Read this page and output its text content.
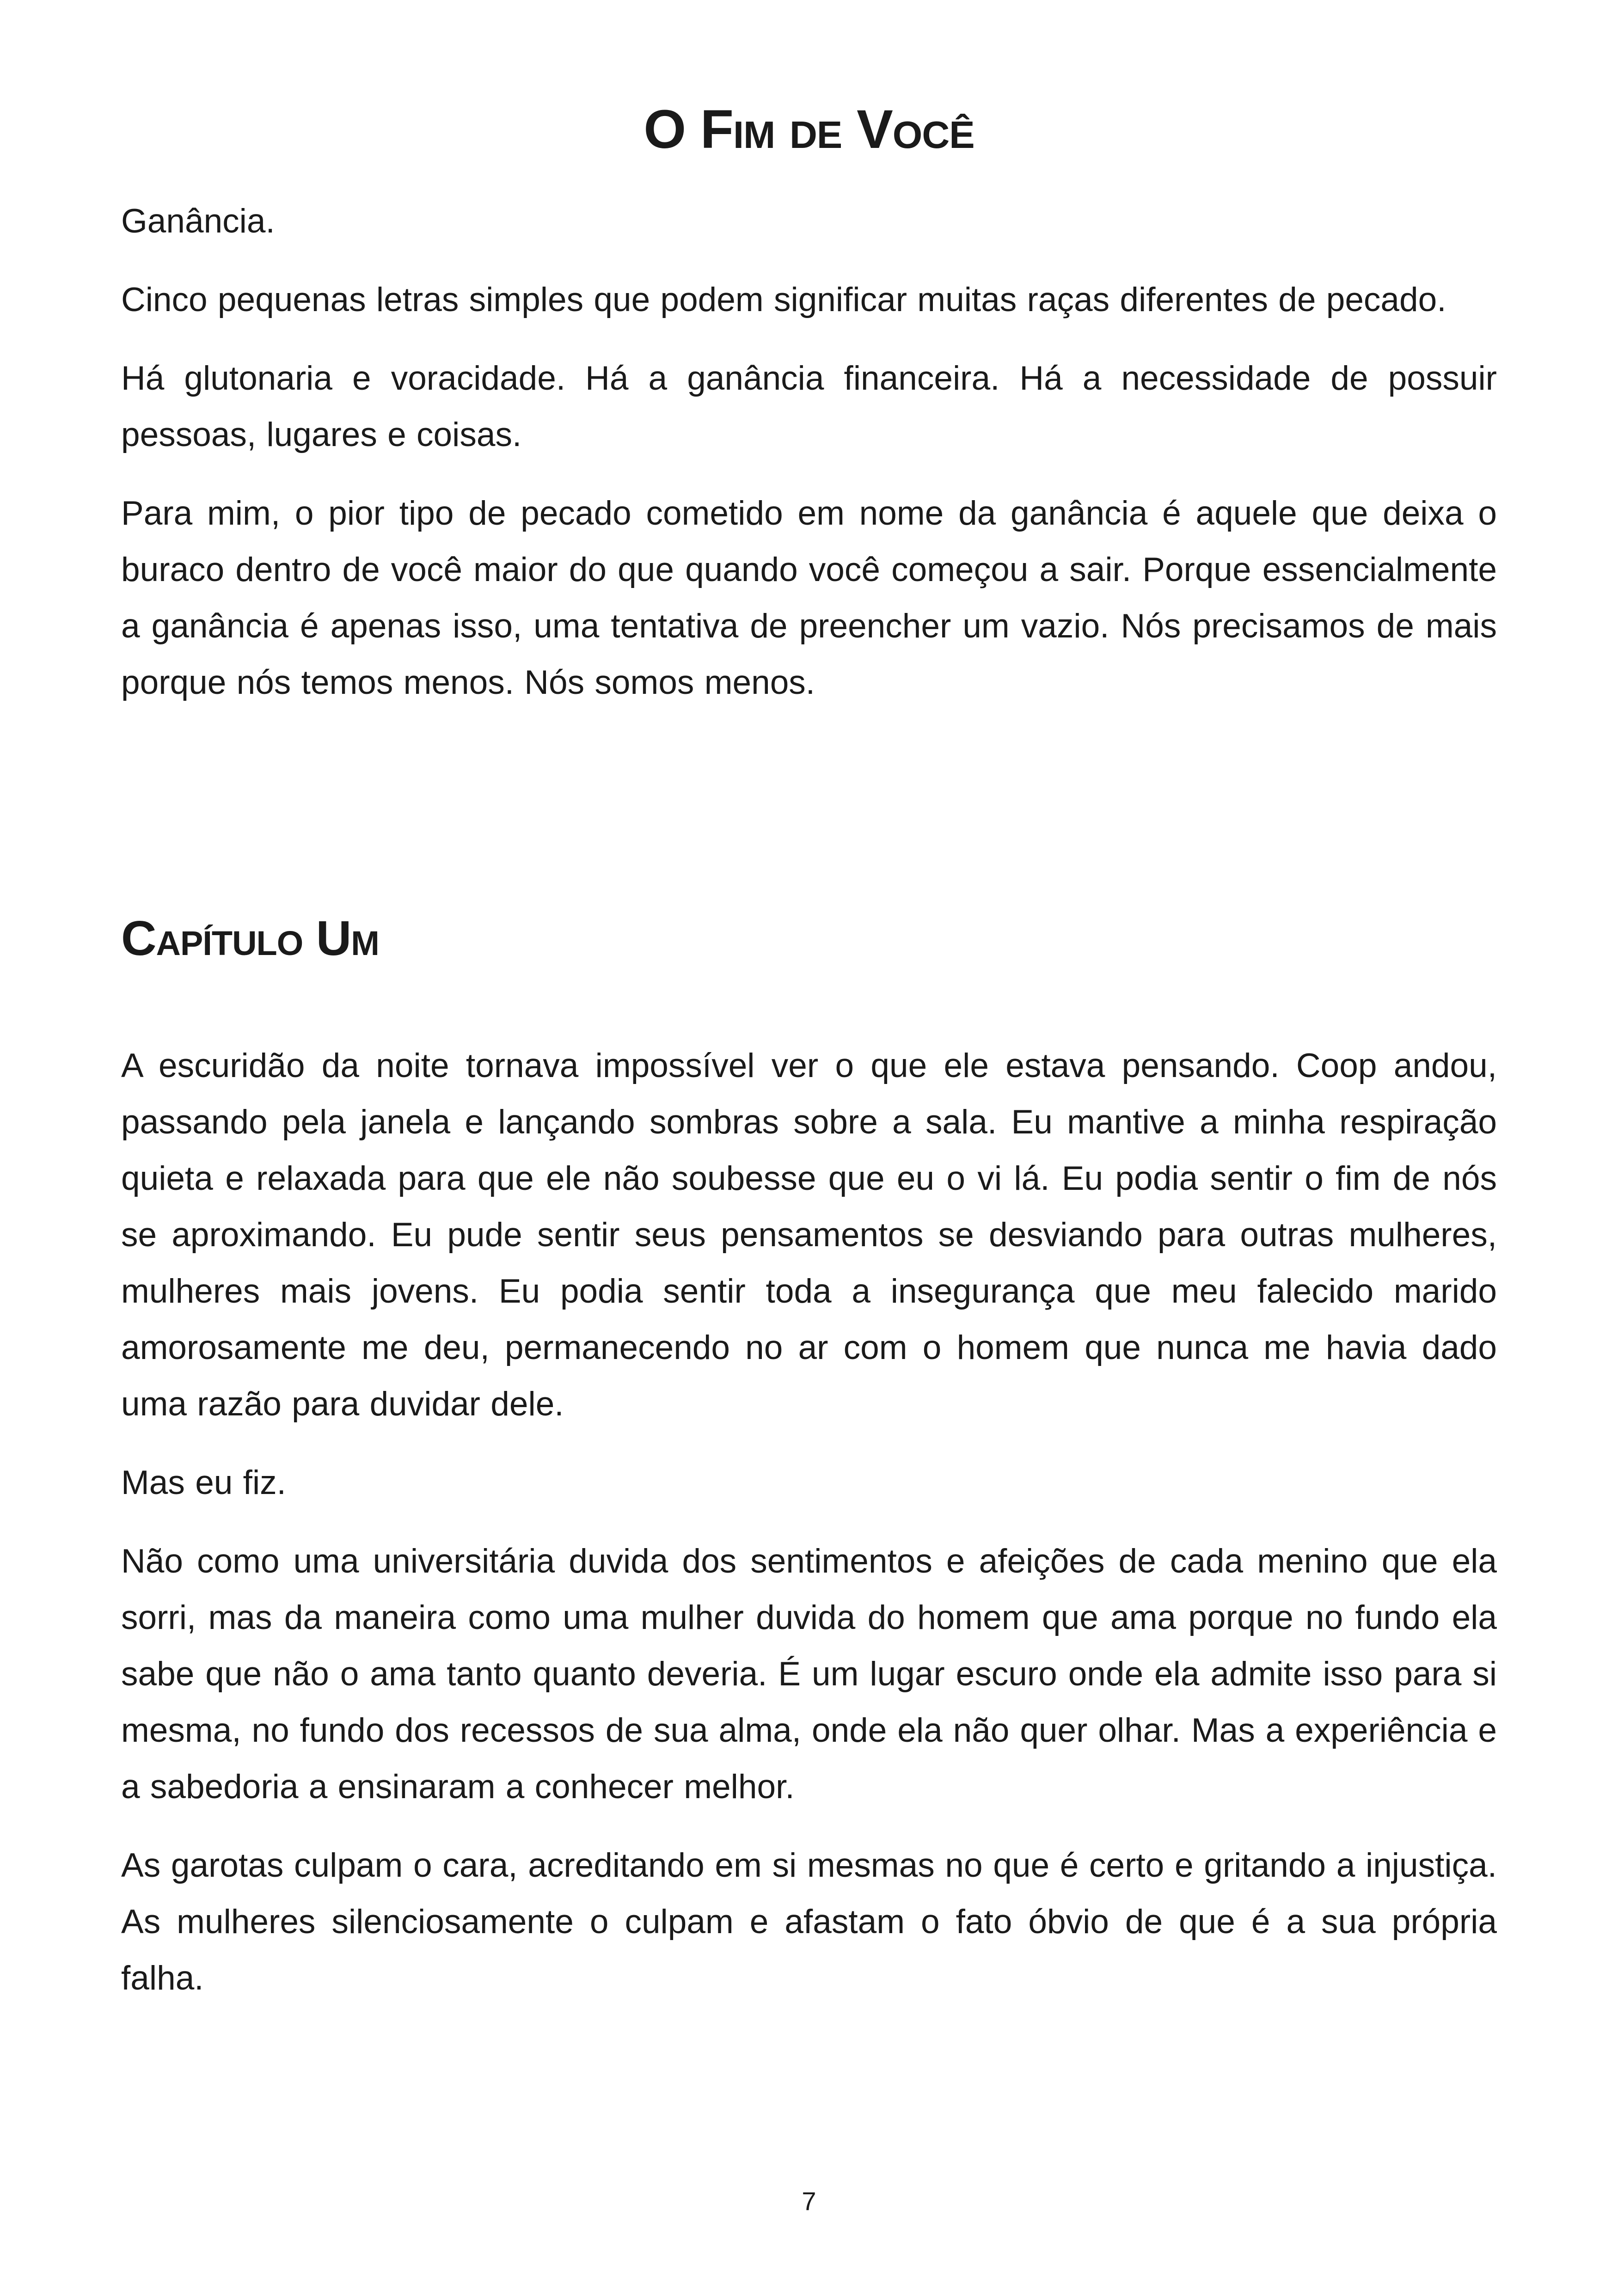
O Fim de Você

Ganância.

Cinco pequenas letras simples que podem significar muitas raças diferentes de pecado.

Há glutonaria e voracidade. Há a ganância financeira. Há a necessidade de possuir pessoas, lugares e coisas.

Para mim, o pior tipo de pecado cometido em nome da ganância é aquele que deixa o buraco dentro de você maior do que quando você começou a sair. Porque essencialmente a ganância é apenas isso, uma tentativa de preencher um vazio. Nós precisamos de mais porque nós temos menos. Nós somos menos.

Capítulo Um

A escuridão da noite tornava impossível ver o que ele estava pensando. Coop andou, passando pela janela e lançando sombras sobre a sala. Eu mantive a minha respiração quieta e relaxada para que ele não soubesse que eu o vi lá. Eu podia sentir o fim de nós se aproximando. Eu pude sentir seus pensamentos se desviando para outras mulheres, mulheres mais jovens. Eu podia sentir toda a insegurança que meu falecido marido amorosamente me deu, permanecendo no ar com o homem que nunca me havia dado uma razão para duvidar dele.

Mas eu fiz.

Não como uma universitária duvida dos sentimentos e afeições de cada menino que ela sorri, mas da maneira como uma mulher duvida do homem que ama porque no fundo ela sabe que não o ama tanto quanto deveria. É um lugar escuro onde ela admite isso para si mesma, no fundo dos recessos de sua alma, onde ela não quer olhar. Mas a experiência e a sabedoria a ensinaram a conhecer melhor.

As garotas culpam o cara, acreditando em si mesmas no que é certo e gritando a injustiça. As mulheres silenciosamente o culpam e afastam o fato óbvio de que é a sua própria falha.

7
